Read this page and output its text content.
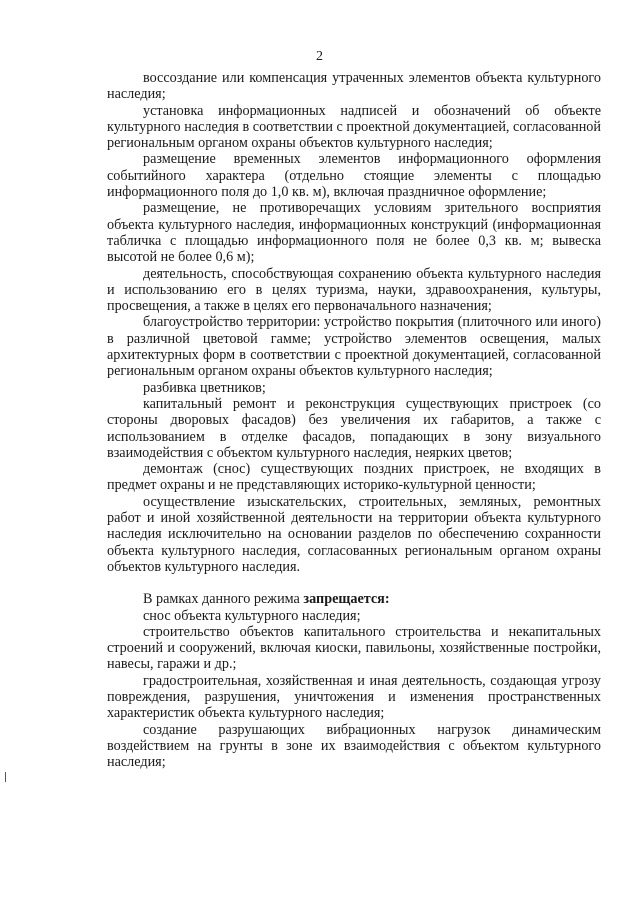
2

воссоздание или компенсация утраченных элементов объекта культурного наследия;

установка информационных надписей и обозначений об объекте культурного наследия в соответствии с проектной документацией, согласованной региональным органом охраны объектов культурного наследия;

размещение временных элементов информационного оформления событийного характера (отдельно стоящие элементы с площадью информационного поля до 1,0 кв. м), включая праздничное оформление;

размещение, не противоречащих условиям зрительного восприятия объекта культурного наследия, информационных конструкций (информационная табличка с площадью информационного поля не более 0,3 кв. м; вывеска высотой не более 0,6 м);

деятельность, способствующая сохранению объекта культурного наследия и использованию его в целях туризма, науки, здравоохранения, культуры, просвещения, а также в целях его первоначального назначения;

благоустройство территории: устройство покрытия (плиточного или иного) в различной цветовой гамме; устройство элементов освещения, малых архитектурных форм в соответствии с проектной документацией, согласованной региональным органом охраны объектов культурного наследия;

разбивка цветников;

капитальный ремонт и реконструкция существующих пристроек (со стороны дворовых фасадов) без увеличения их габаритов, а также с использованием в отделке фасадов, попадающих в зону визуального взаимодействия с объектом культурного наследия, неярких цветов;

демонтаж (снос) существующих поздних пристроек, не входящих в предмет охраны и не представляющих историко-культурной ценности;

осуществление изыскательских, строительных, земляных, ремонтных работ и иной хозяйственной деятельности на территории объекта культурного наследия исключительно на основании разделов по обеспечению сохранности объекта культурного наследия, согласованных региональным органом охраны объектов культурного наследия.

В рамках данного режима запрещается:

снос объекта культурного наследия;

строительство объектов капитального строительства и некапитальных строений и сооружений, включая киоски, павильоны, хозяйственные постройки, навесы, гаражи и др.;

градостроительная, хозяйственная и иная деятельность, создающая угрозу повреждения, разрушения, уничтожения и изменения пространственных характеристик объекта культурного наследия;

создание разрушающих вибрационных нагрузок динамическим воздействием на грунты в зоне их взаимодействия с объектом культурного наследия;
